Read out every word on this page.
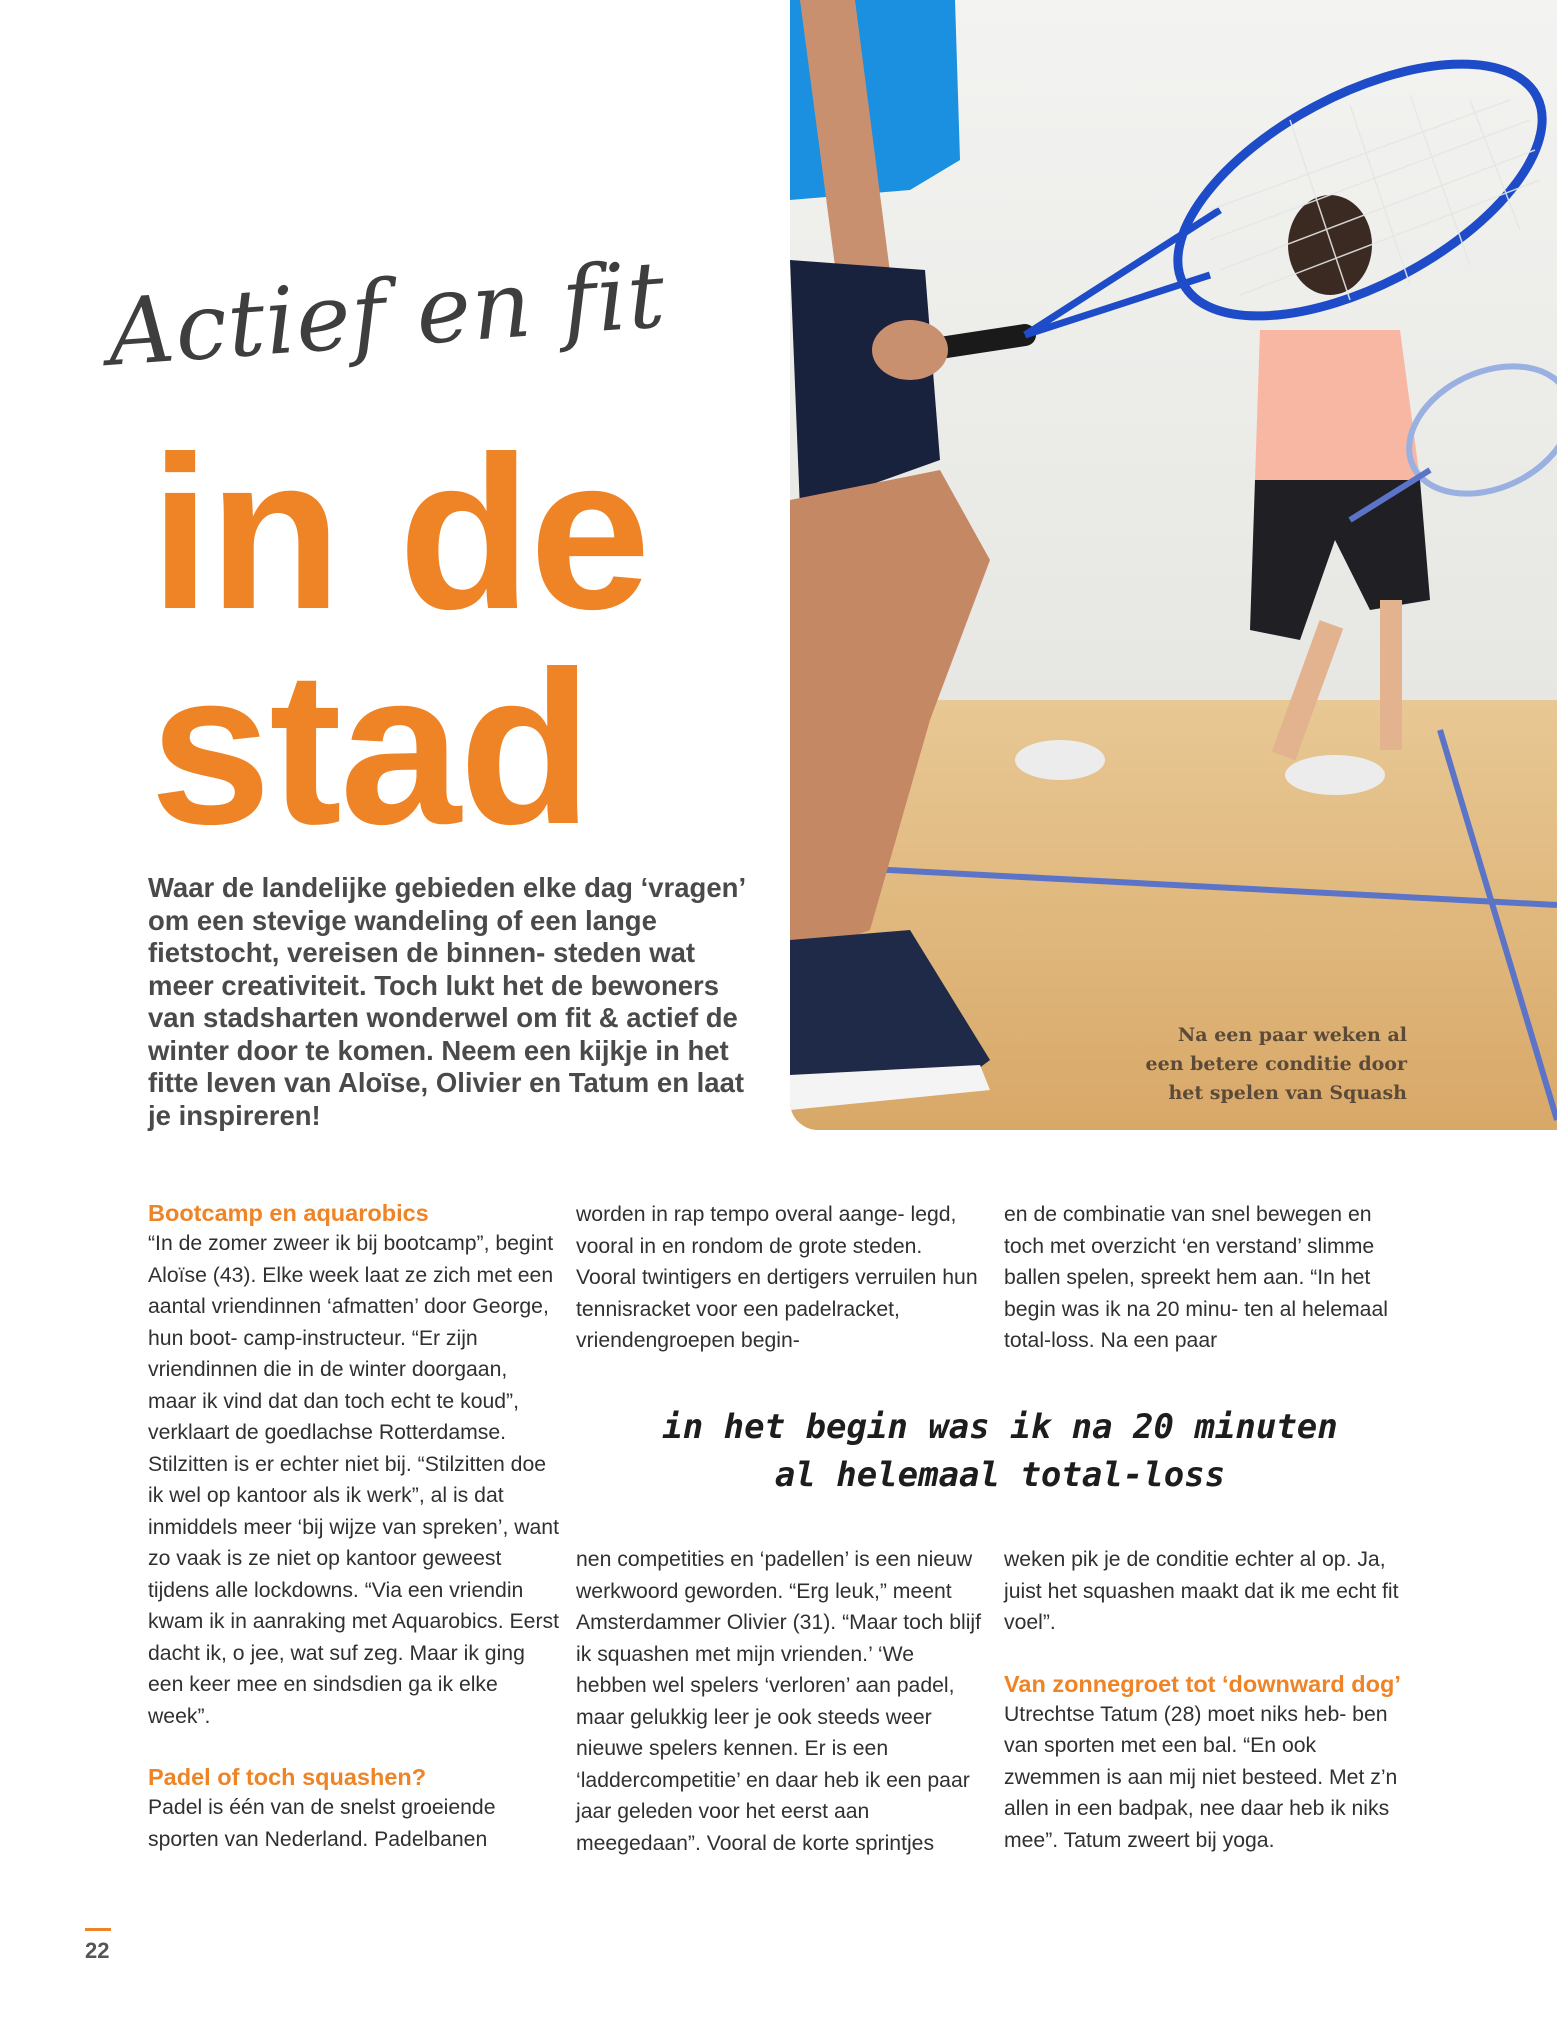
Actief en fit
in de
stad
Waar de landelijke gebieden elke dag ‘vragen’ om een stevige wandeling of een lange fietstocht, vereisen de binnen- steden wat meer creativiteit. Toch lukt het de bewoners van stadsharten wonderwel om fit & actief de winter door te komen. Neem een kijkje in het fitte leven van Aloïse, Olivier en Tatum en laat je inspireren!
Na een paar weken al
een betere conditie door
het spelen van Squash
Bootcamp en aquarobics

“In de zomer zweer ik bij bootcamp”, begint Aloïse (43). Elke week laat ze zich met een aantal vriendinnen ‘afmatten’ door George, hun boot- camp-instructeur. “Er zijn vriendinnen die in de winter doorgaan, maar ik vind dat dan toch echt te koud”, verklaart de goedlachse Rotterdamse. Stilzitten is er echter niet bij. “Stilzitten doe ik wel op kantoor als ik werk”, al is dat inmiddels meer ‘bij wijze van spreken’, want zo vaak is ze niet op kantoor geweest tijdens alle lockdowns. “Via een vriendin kwam ik in aanraking met Aquarobics. Eerst dacht ik, o jee, wat suf zeg. Maar ik ging een keer mee en sindsdien ga ik elke week”.

Padel of toch squashen?

Padel is één van de snelst groeiende sporten van Nederland. Padelbanen

worden in rap tempo overal aange- legd, vooral in en rondom de grote steden. Vooral twintigers en dertigers verruilen hun tennisracket voor een padelracket, vriendengroepen begin-

nen competities en ‘padellen’ is een nieuw werkwoord geworden. “Erg leuk,” meent Amsterdammer Olivier (31). “Maar toch blijf ik squashen met mijn vrienden.’ ‘We hebben wel spelers ‘verloren’ aan padel, maar gelukkig leer je ook steeds weer nieuwe spelers kennen. Er is een ‘laddercompetitie’ en daar heb ik een paar jaar geleden voor het eerst aan meegedaan”. Vooral de korte sprintjes

en de combinatie van snel bewegen en toch met overzicht ‘en verstand’ slimme ballen spelen, spreekt hem aan. “In het begin was ik na 20 minu- ten al helemaal total-loss. Na een paar

weken pik je de conditie echter al op. Ja, juist het squashen maakt dat ik me echt fit voel”.

Van zonnegroet tot ‘downward dog’

Utrechtse Tatum (28) moet niks heb- ben van sporten met een bal. “En ook zwemmen is aan mij niet besteed. Met z’n allen in een badpak, nee daar heb ik niks mee”. Tatum zweert bij yoga.

in het begin was ik na 20 minuten
al helemaal total-loss
22
